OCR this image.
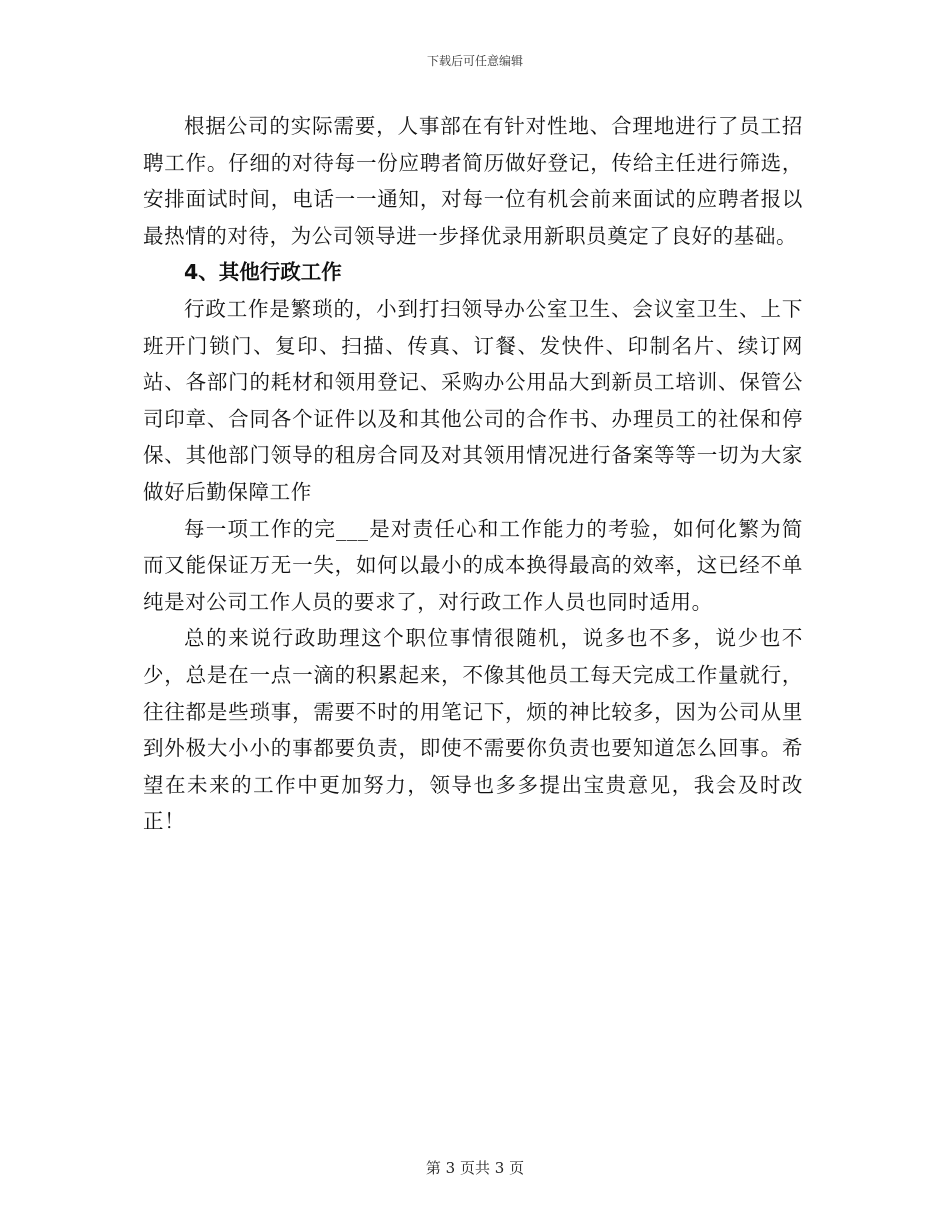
下载后可任意编辑

根据公司的实际需要，人事部在有针对性地、合理地进行了员工招聘工作。仔细的对待每一份应聘者简历做好登记，传给主任进行筛选，安排面试时间，电话一一通知，对每一位有机会前来面试的应聘者报以最热情的对待，为公司领导进一步择优录用新职员奠定了良好的基础。

4、其他行政工作

行政工作是繁琐的，小到打扫领导办公室卫生、会议室卫生、上下班开门锁门、复印、扫描、传真、订餐、发快件、印制名片、续订网站、各部门的耗材和领用登记、采购办公用品大到新员工培训、保管公司印章、合同各个证件以及和其他公司的合作书、办理员工的社保和停保、其他部门领导的租房合同及对其领用情况进行备案等等一切为大家做好后勤保障工作

每一项工作的完___是对责任心和工作能力的考验，如何化繁为简而又能保证万无一失，如何以最小的成本换得最高的效率，这已经不单纯是对公司工作人员的要求了，对行政工作人员也同时适用。

总的来说行政助理这个职位事情很随机，说多也不多，说少也不少，总是在一点一滴的积累起来，不像其他员工每天完成工作量就行，往往都是些琐事，需要不时的用笔记下，烦的神比较多，因为公司从里到外极大小小的事都要负责，即使不需要你负责也要知道怎么回事。希望在未来的工作中更加努力，领导也多多提出宝贵意见，我会及时改正！

第 3 页共 3 页
